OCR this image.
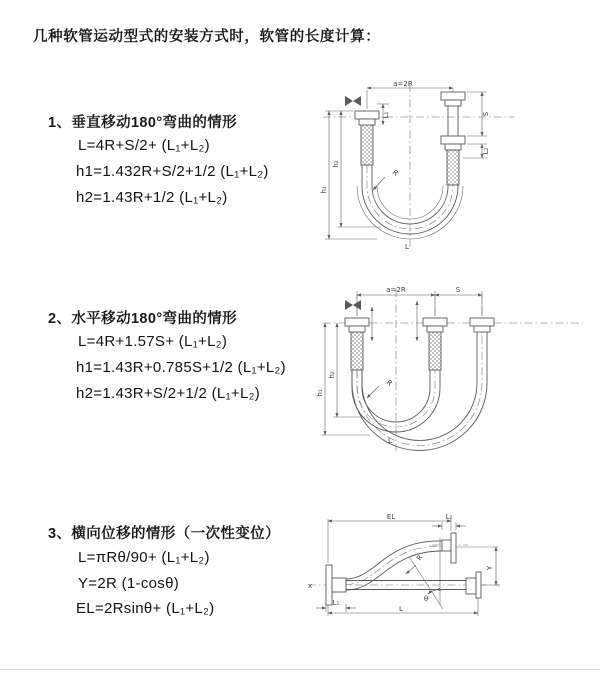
几种软管运动型式的安装方式时，软管的长度计算：
1、垂直移动180°弯曲的情形
L=4R+S/2+ (L₁+L₂)
h1=1.432R+S/2+1/2 (L₁+L₂)
h2=1.43R+1/2 (L₁+L₂)
2、水平移动180°弯曲的情形
L=4R+1.57S+ (L₁+L₂)
h1=1.43R+0.785S+1/2 (L₁+L₂)
h2=1.43R+S/2+1/2 (L₁+L₂)
3、横向位移的情形（一次性变位）
L=πRθ/90+ (L₁+L₂)
Y=2R (1-cosθ)
EL=2Rsinθ+ (L₁+L₂)
a=2R
S
L₂
h₁
h₂
L₁
R
L
a=2R	S
h₁
h₂
R
L
θ
EL	L₂
Y
L
L₁
R
x
